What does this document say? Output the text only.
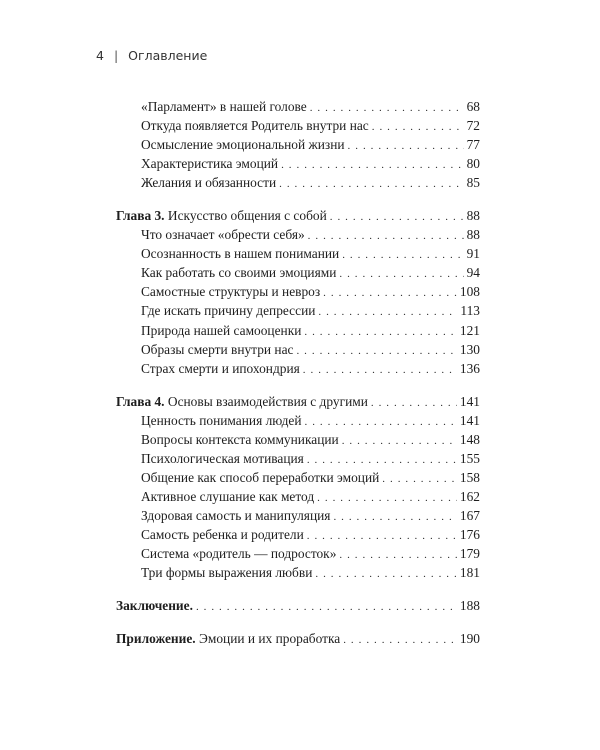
4 | Оглавление
«Парламент» в нашей голове . . .	68
Откуда появляется Родитель внутри нас . . .	72
Осмысление эмоциональной жизни . . .	77
Характеристика эмоций . . .	80
Желания и обязанности . . .	85
Глава 3. Искусство общения с собой . . .	88
Что означает «обрести себя» . . .	88
Осознанность в нашем понимании . . .	91
Как работать со своими эмоциями . . .	94
Самостные структуры и невроз . . .	108
Где искать причину депрессии . . .	113
Природа нашей самооценки . . .	121
Образы смерти внутри нас . . .	130
Страх смерти и ипохондрия . . .	136
Глава 4. Основы взаимодействия с другими . . .	141
Ценность понимания людей . . .	141
Вопросы контекста коммуникации . . .	148
Психологическая мотивация . . .	155
Общение как способ переработки эмоций . . .	158
Активное слушание как метод . . .	162
Здоровая самость и манипуляция . . .	167
Самость ребенка и родители . . .	176
Система «родитель — подросток» . . .	179
Три формы выражения любви . . .	181
Заключение. . . .	188
Приложение. Эмоции и их проработка . . .	190
